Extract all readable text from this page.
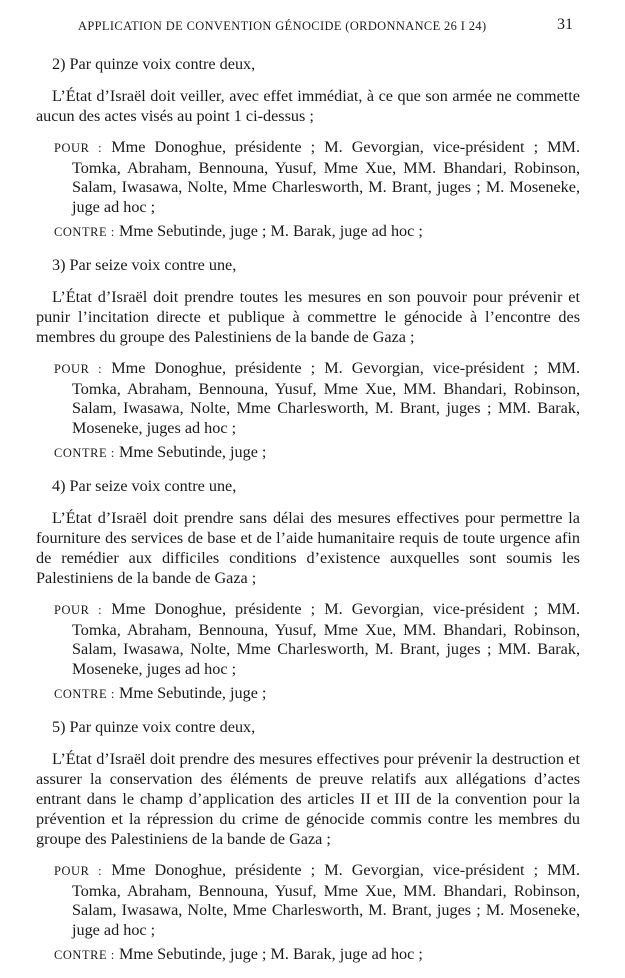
APPLICATION DE CONVENTION GÉNOCIDE (ORDONNANCE 26 I 24)	31

2) Par quinze voix contre deux,

L’État d’Israël doit veiller, avec effet immédiat, à ce que son armée ne commette aucun des actes visés au point 1 ci-dessus ;

POUR : Mme Donoghue, présidente ; M. Gevorgian, vice-président ; MM. Tomka, Abraham, Bennouna, Yusuf, Mme Xue, MM. Bhandari, Robinson, Salam, Iwasawa, Nolte, Mme Charlesworth, M. Brant, juges ; M. Moseneke, juge ad hoc ;

CONTRE : Mme Sebutinde, juge ; M. Barak, juge ad hoc ;

3) Par seize voix contre une,

L’État d’Israël doit prendre toutes les mesures en son pouvoir pour prévenir et punir l’incitation directe et publique à commettre le génocide à l’encontre des membres du groupe des Palestiniens de la bande de Gaza ;

POUR : Mme Donoghue, présidente ; M. Gevorgian, vice-président ; MM. Tomka, Abraham, Bennouna, Yusuf, Mme Xue, MM. Bhandari, Robinson, Salam, Iwasawa, Nolte, Mme Charlesworth, M. Brant, juges ; MM. Barak, Moseneke, juges ad hoc ;

CONTRE : Mme Sebutinde, juge ;

4) Par seize voix contre une,

L’État d’Israël doit prendre sans délai des mesures effectives pour permettre la fourniture des services de base et de l’aide humanitaire requis de toute urgence afin de remédier aux difficiles conditions d’existence auxquelles sont soumis les Palestiniens de la bande de Gaza ;

POUR : Mme Donoghue, présidente ; M. Gevorgian, vice-président ; MM. Tomka, Abraham, Bennouna, Yusuf, Mme Xue, MM. Bhandari, Robinson, Salam, Iwasawa, Nolte, Mme Charlesworth, M. Brant, juges ; MM. Barak, Moseneke, juges ad hoc ;

CONTRE : Mme Sebutinde, juge ;

5) Par quinze voix contre deux,

L’État d’Israël doit prendre des mesures effectives pour prévenir la destruction et assurer la conservation des éléments de preuve relatifs aux allégations d’actes entrant dans le champ d’application des articles II et III de la convention pour la prévention et la répression du crime de génocide commis contre les membres du groupe des Palestiniens de la bande de Gaza ;

POUR : Mme Donoghue, présidente ; M. Gevorgian, vice-président ; MM. Tomka, Abraham, Bennouna, Yusuf, Mme Xue, MM. Bhandari, Robinson, Salam, Iwasawa, Nolte, Mme Charlesworth, M. Brant, juges ; M. Moseneke, juge ad hoc ;

CONTRE : Mme Sebutinde, juge ; M. Barak, juge ad hoc ;
